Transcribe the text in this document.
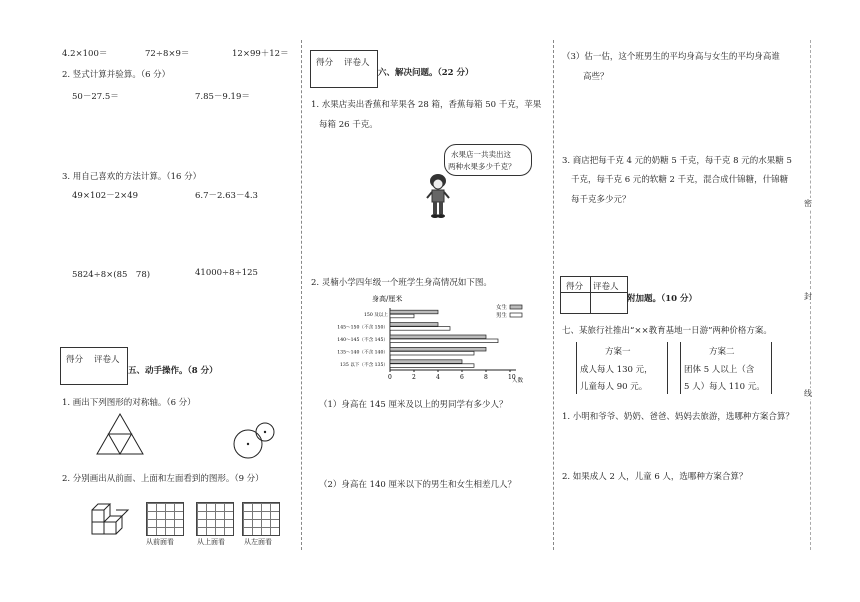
4.2×100＝	72÷8×9＝	12×99＋12＝
2. 竖式计算并验算。（6 分）
50－27.5＝	7.85－9.19＝
3. 用自己喜欢的方法计算。（16 分）
49×102－2×49	6.7－2.63－4.3
5824÷8×(85　78)	41000÷8÷125
得分 评卷人
五、动手操作。（8 分）
1. 画出下列图形的对称轴。（6 分）
2. 分别画出从前面、上面和左面看到的图形。（9 分）
从前面看	从上面看	从左面看
得分 评卷人
六、解决问题。（22 分）
1. 水果店卖出香蕉和苹果各 28 箱，香蕉每箱 50 千克，苹果
每箱 26 千克。
水果店一共卖出这
两种水果多少千克？
2. 灵楠小学四年级一个班学生身高情况如下图。
身高/厘米
女生
男生
0	2	4	6	8	10
150 及以上
145～150（不含 150）
140～145（不含 145）
135～140（不含 140）
135 以下（不含 135）
人数
（1）身高在 145 厘米及以上的男同学有多少人？
（2）身高在 140 厘米以下的男生和女生相差几人？
（3）估一估，这个班男生的平均身高与女生的平均身高谁
高些？
3. 商店把每千克 4 元的奶糖 5 千克，每千克 8 元的水果糖 5
千克，每千克 6 元的软糖 2 千克，混合成什锦糖，什锦糖
每千克多少元？
得分 评卷人
附加题。（10 分）
七、某旅行社推出“××教育基地一日游”两种价格方案。
方案一
成人每人 130 元，
儿童每人 90 元。
方案二
团体 5 人以上（含
5 人）每人 110 元。
1. 小明和爷爷、奶奶、爸爸、妈妈去旅游，选哪种方案合算？
2. 如果成人 2 人，儿童 6 人，选哪种方案合算？
密
封
线
